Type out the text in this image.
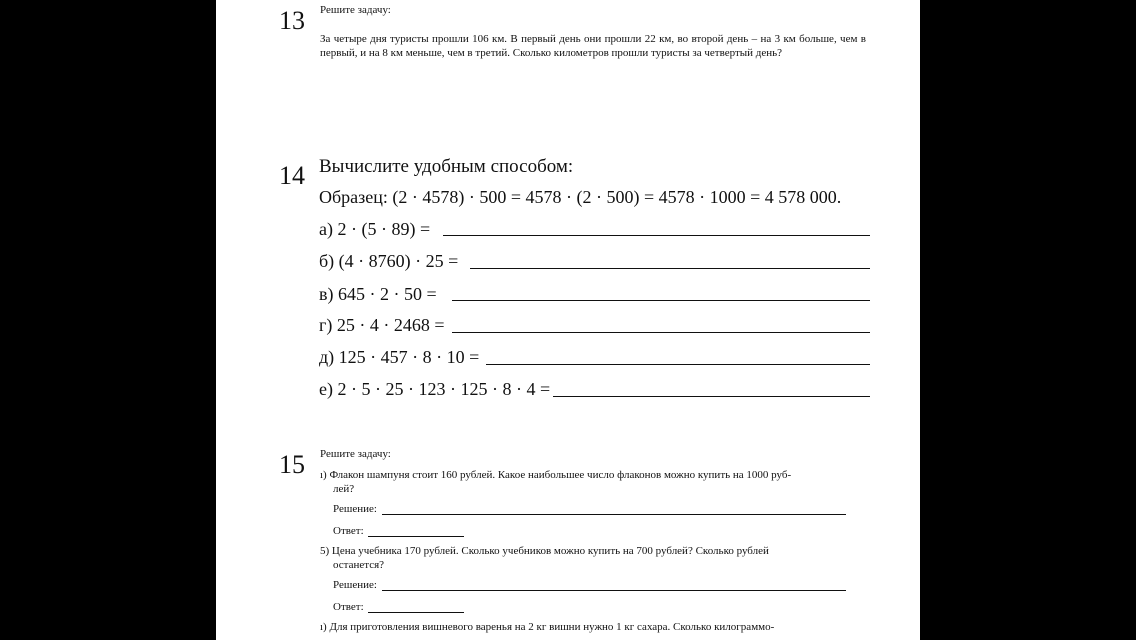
13 Решите задачу:
За четыре дня туристы прошли 106 км. В первый день они прошли 22 км, во второй день – на 3 км больше, чем в первый, и на 8 км меньше, чем в третий. Сколько километров прошли туристы за четвертый день?
14 Вычислите удобным способом:
Образец: (2 · 4578) · 500 = 4578 · (2 · 500) = 4578 · 1000 = 4 578 000.
а) 2 · (5 · 89) =
б) (4 · 8760) · 25 =
в) 645 · 2 · 50 =
г) 25 · 4 · 2468 =
д) 125 · 457 · 8 · 10 =
е) 2 · 5 · 25 · 123 · 125 · 8 · 4 =
15 Решите задачу:
ı) Флакон шампуня стоит 160 рублей. Какое наибольшее число флаконов можно купить на 1000 руб-
лей?
Решение:
Ответ:
5) Цена учебника 170 рублей. Сколько учебников можно купить на 700 рублей? Сколько рублей
останется?
Решение:
Ответ:
ı) Для приготовления вишневого варенья на 2 кг вишни нужно 1 кг сахара. Сколько килограммо-
